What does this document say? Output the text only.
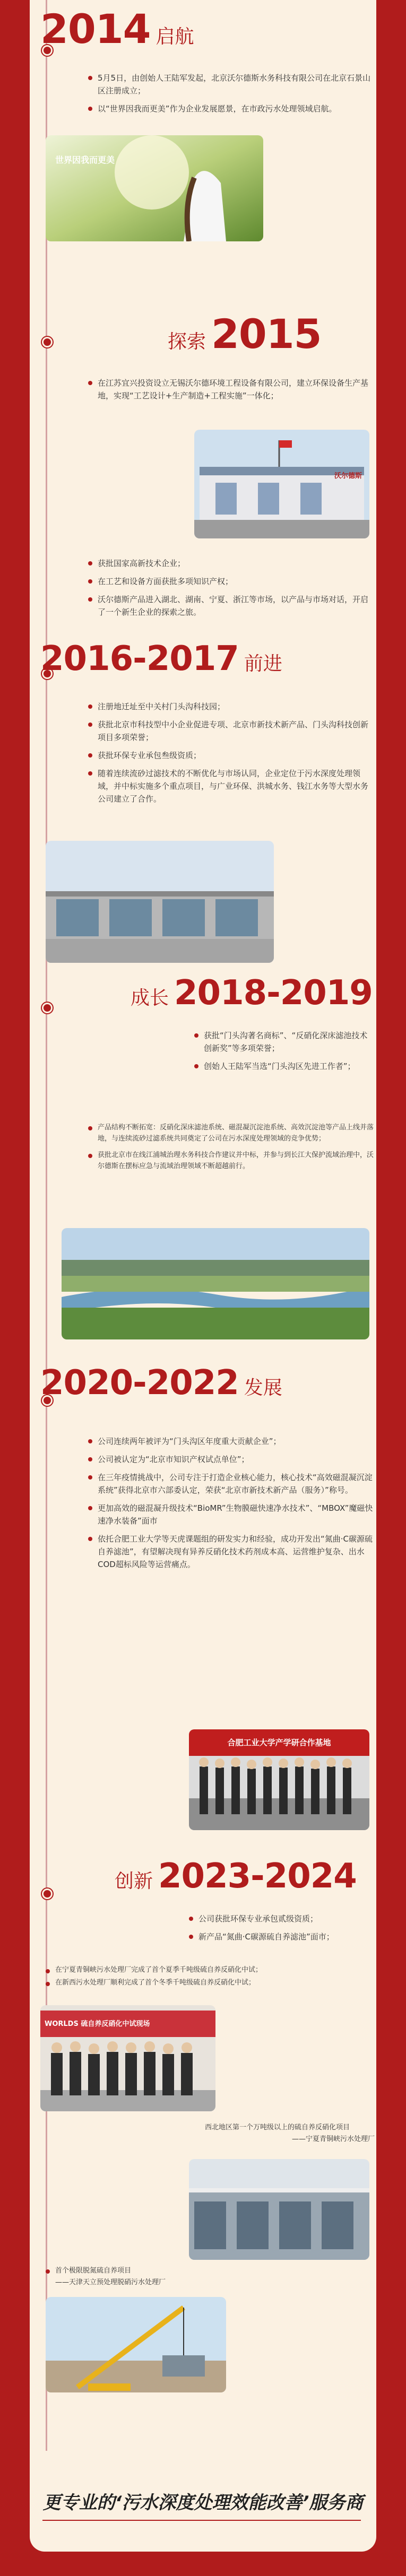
2014 启航
5月5日，由创始人王陆军发起，北京沃尔德斯水务科技有限公司在北京石景山区注册成立；
以“世界因我而更美”作为企业发展愿景，在市政污水处理领域启航。
世界因我而更美
探索 2015
在江苏宜兴投资设立无锡沃尔德环境工程设备有限公司，建立环保设备生产基地，实现“工艺设计+生产制造+工程实施”一体化；
沃尔德斯
获批国家高新技术企业；
在工艺和设备方面获批多项知识产权；
沃尔德斯产品进入湖北、湖南、宁夏、浙江等市场，以产品与市场对话，开启了一个新生企业的探索之旅。
2016-2017 前进
注册地迁址至中关村门头沟科技园；
获批北京市科技型中小企业促进专项、北京市新技术新产品、门头沟科技创新项目多项荣誉；
获批环保专业承包叁级资质；
随着连续流砂过滤技术的不断优化与市场认同，企业定位于污水深度处理领域，并中标实施多个重点项目，与广业环保、洪城水务、钱江水务等大型水务公司建立了合作。
成长 2018-2019
获批“门头沟著名商标”、“反硝化深床滤池技术创新奖”等多项荣誉；
创始人王陆军当选“门头沟区先进工作者”；
产品结构不断拓宽：反硝化深床滤池系统、磁混凝沉淀池系统、高效沉淀池等产品上线并落地，与连续流砂过滤系统共同奠定了公司在污水深度处理领域的竞争优势；
获批北京市在线江浦城治理水务科技合作建议并中标，并参与到长江大保护流域治理中，沃尔德斯在摆标应急与流域治理领域不断超越前行。
2020-2022 发展
公司连续两年被评为“门头沟区年度重大贡献企业”；
公司被认定为“北京市知识产权试点单位”；
在三年疫情挑战中，公司专注于打造企业核心能力，核心技术“高效磁混凝沉淀系统”获得北京市六部委认定，荣获“北京市新技术新产品（服务）”称号。
更加高效的磁混凝升级技术“BioMR”生物膜磁快速净水技术”、“MBOX”魔磁快速净水装备”面市
依托合肥工业大学等天虎课题组的研发实力和经验，成功开发出“氮曲·C碳源硫自养滤池”，有望解决现有异养反硝化技术药剂成本高、运营维护复杂、出水COD超标风险等运营痛点。
合肥工业大学产学研合作基地
创新 2023-2024
公司获批环保专业承包贰级资质；
新产品“氮曲·C碳源硫自养滤池”面市；
在宁夏青铜峡污水处理厂完成了首个夏季千吨级硫自养反硝化中试；
在新西污水处理厂顺利完成了首个冬季千吨级硫自养反硝化中试；
WORLDS 硫自养反硝化中试现场
西北地区第一个万吨级以上的硫自养反硝化项目
——宁夏青铜峡污水处理厂
首个极限脱氮硫自养项目
——天津天立预处理脱硝污水处理厂
更专业的‘污水深度处理效能改善’服务商
